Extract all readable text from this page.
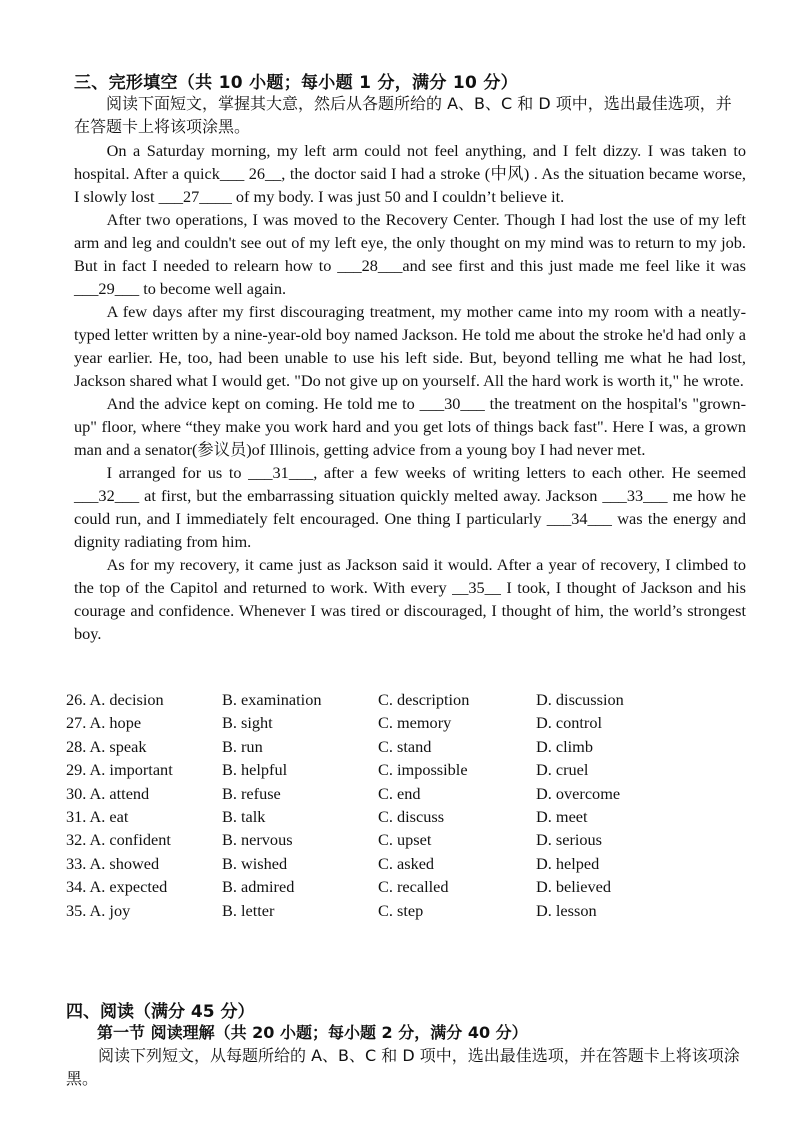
三、完形填空（共 10 小题；每小题 1 分，满分 10 分）
阅读下面短文，掌握其大意，然后从各题所给的 A、B、C 和 D 项中，选出最佳选项，并在答题卡上将该项涂黑。

On a Saturday morning, my left arm could not feel anything, and I felt dizzy. I was taken to hospital. After a quick___ 26__, the doctor said I had a stroke (中风) . As the situation became worse, I slowly lost ___27____ of my body. I was just 50 and I couldn’t believe it.

After two operations, I was moved to the Recovery Center. Though I had lost the use of my left arm and leg and couldn't see out of my left eye, the only thought on my mind was to return to my job. But in fact I needed to relearn how to ___28___and see first and this just made me feel like it was ___29___ to become well again.

A few days after my first discouraging treatment, my mother came into my room with a neatly-typed letter written by a nine-year-old boy named Jackson. He told me about the stroke he'd had only a year earlier. He, too, had been unable to use his left side. But, beyond telling me what he had lost, Jackson shared what I would get. "Do not give up on yourself. All the hard work is worth it," he wrote.

And the advice kept on coming. He told me to ___30___ the treatment on the hospital's "grown-up" floor, where “they make you work hard and you get lots of things back fast". Here I was, a grown man and a senator(参议员)of Illinois, getting advice from a young boy I had never met.

I arranged for us to ___31___, after a few weeks of writing letters to each other. He seemed ___32___ at first, but the embarrassing situation quickly melted away. Jackson ___33___ me how he could run, and I immediately felt encouraged. One thing I particularly ___34___ was the energy and dignity radiating from him.

As for my recovery, it came just as Jackson said it would. After a year of recovery, I climbed to the top of the Capitol and returned to work. With every __35__ I took, I thought of Jackson and his courage and confidence. Whenever I was tired or discouraged, I thought of him, the world’s strongest boy.

26. A. decision	B. examination	C. description	D. discussion
27. A. hope	B. sight	C. memory	D. control
28. A. speak	B. run	C. stand	D. climb
29. A. important	B. helpful	C. impossible	D. cruel
30. A. attend	B. refuse	C. end	D. overcome
31. A. eat	B. talk	C. discuss	D. meet
32. A. confident	B. nervous	C. upset	D. serious
33. A. showed	B. wished	C. asked	D. helped
34. A. expected	B. admired	C. recalled	D. believed
35. A. joy	B. letter	C. step	D. lesson
四、阅读（满分 45 分）
第一节 阅读理解（共 20 小题；每小题 2 分，满分 40 分）
阅读下列短文，从每题所给的 A、B、C 和 D 项中，选出最佳选项，并在答题卡上将该项涂黑。
